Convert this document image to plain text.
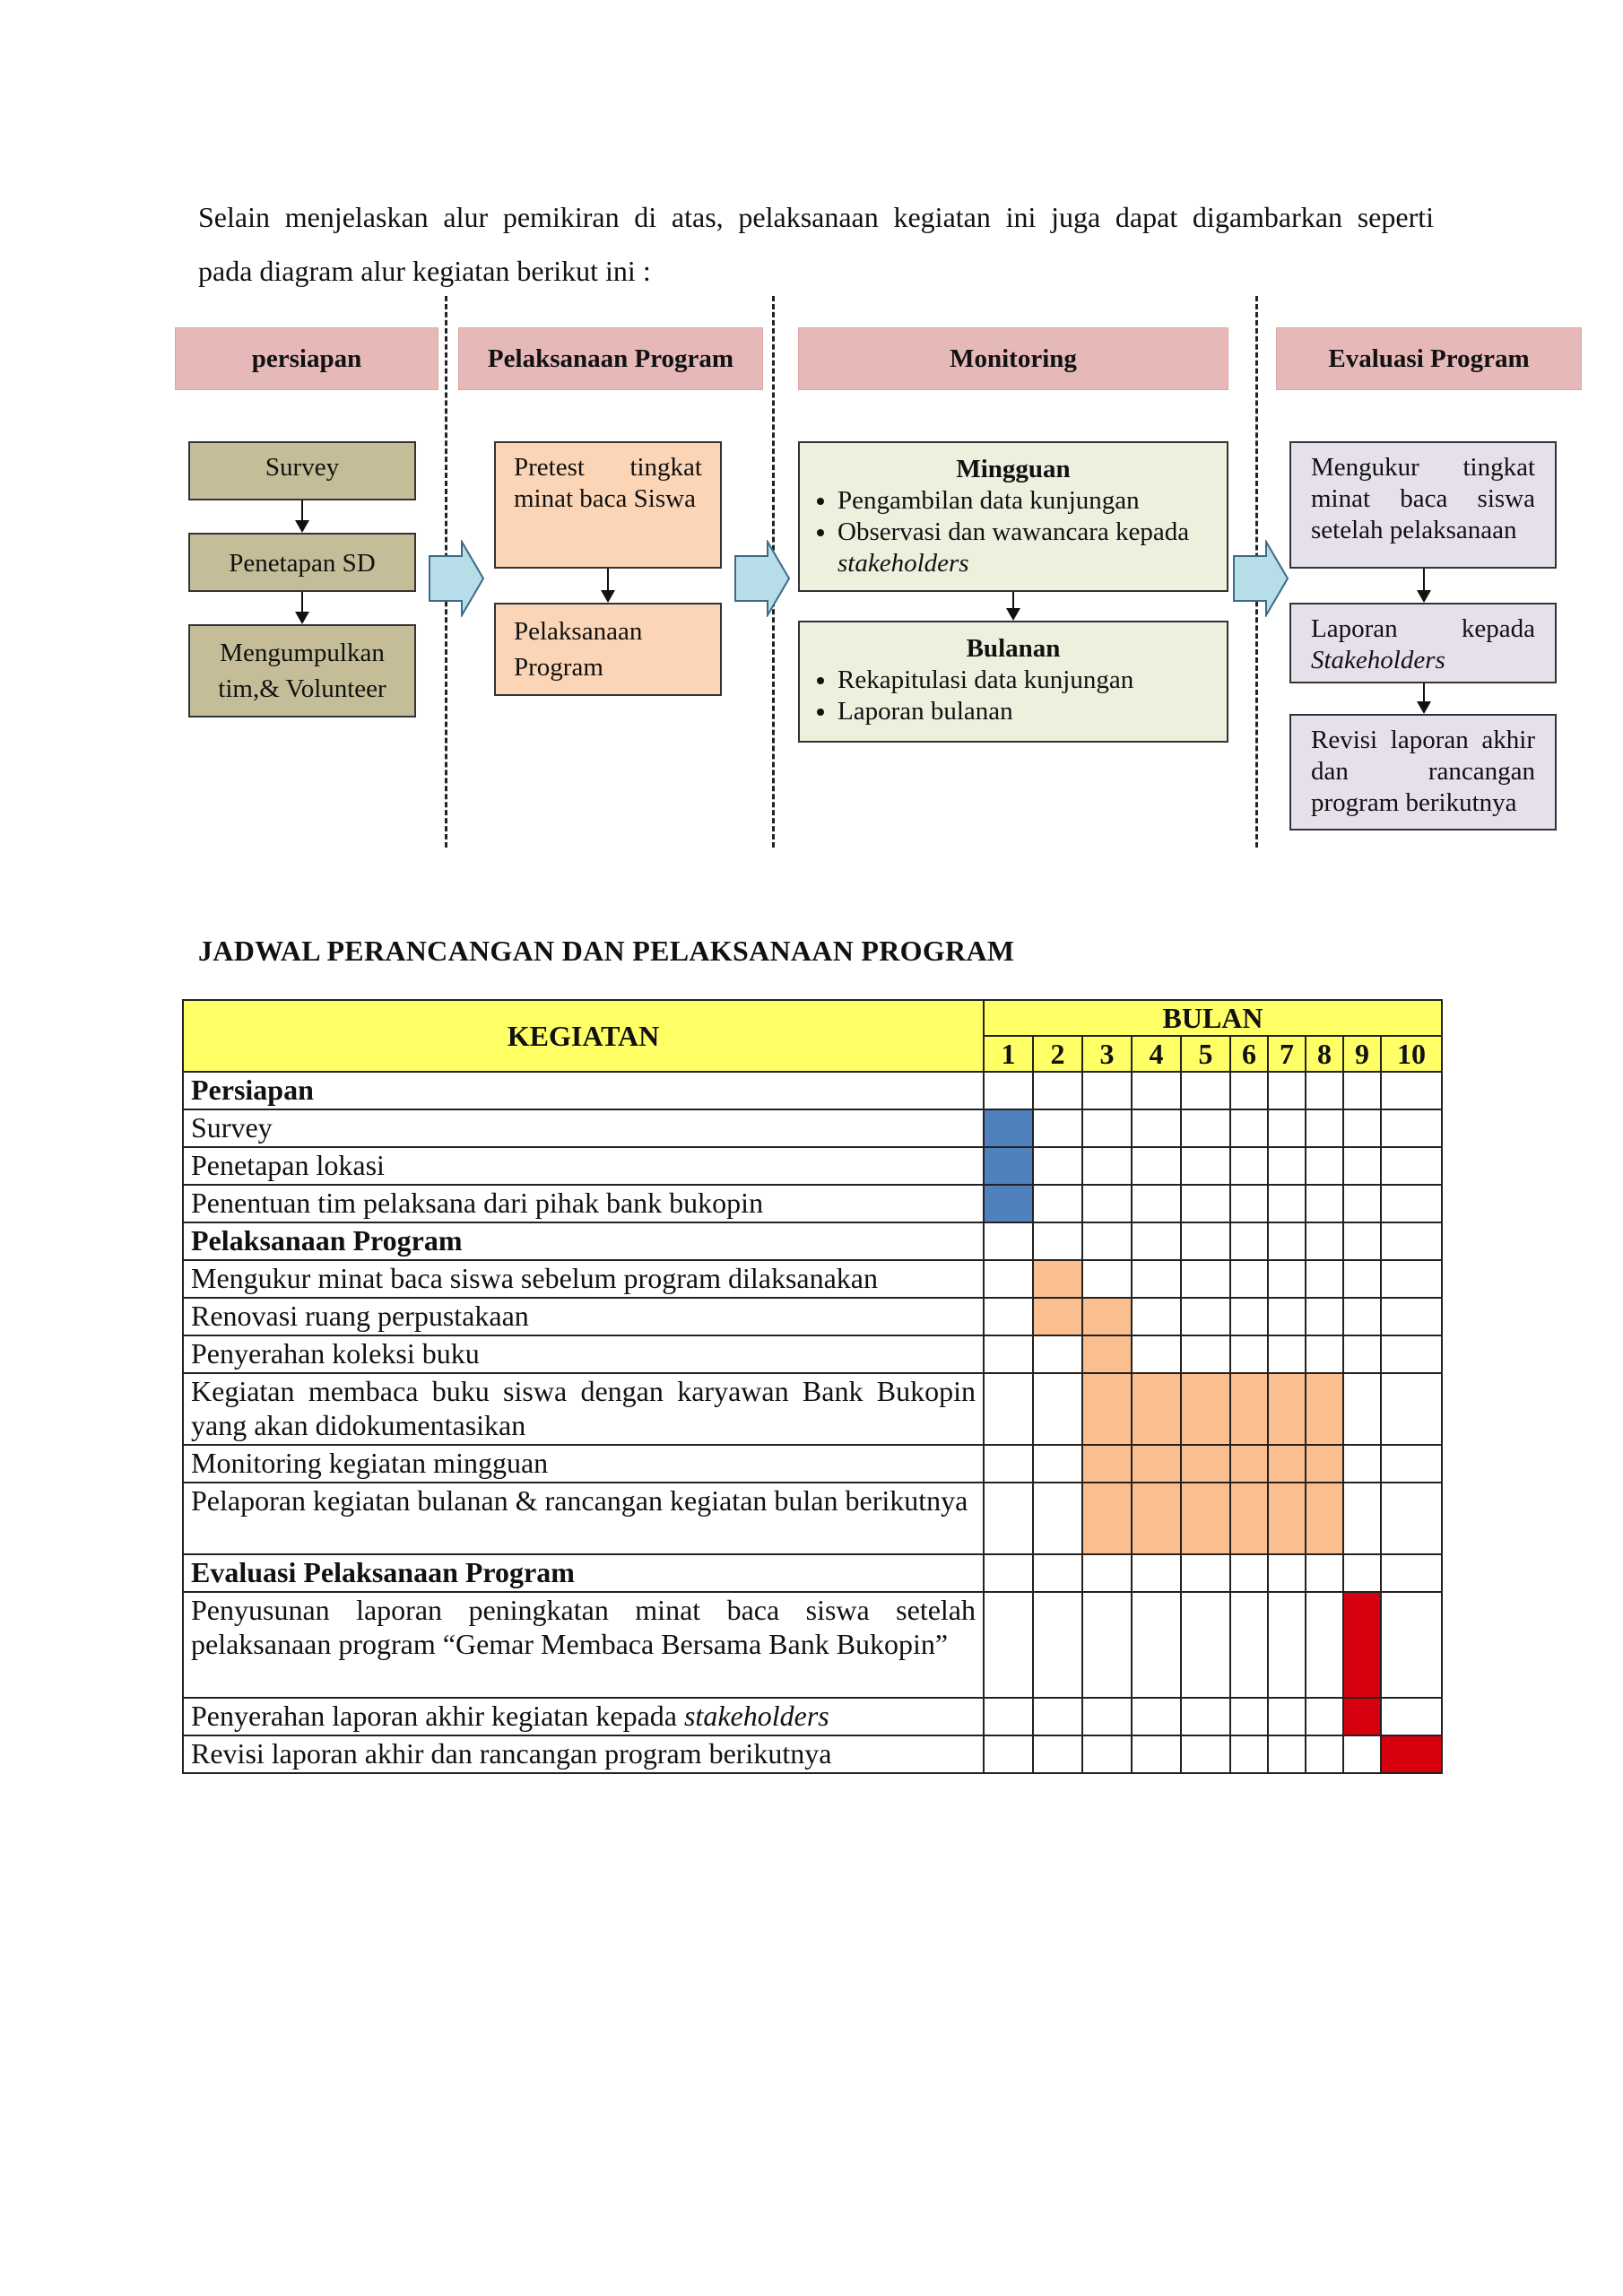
Selain menjelaskan alur pemikiran di atas, pelaksanaan kegiatan ini juga dapat digambarkan seperti
pada diagram alur kegiatan berikut ini :
persiapan	Pelaksanaan Program	Monitoring	Evaluasi Program
Survey
Penetapan SD
Mengumpulkan tim,& Volunteer
Pretest tingkat minat baca Siswa
Pelaksanaan Program
Mingguan
• Pengambilan data kunjungan
• Observasi dan wawancara kepada
stakeholders
Bulanan
• Rekapitulasi data kunjungan
• Laporan bulanan
Mengukur tingkat minat baca siswa setelah pelaksanaan
Laporan kepada
Stakeholders
Revisi laporan akhir dan rancangan program berikutnya
JADWAL PERANCANGAN DAN PELAKSANAAN PROGRAM
KEGIATAN	BULAN									
	1	2	3	4	5	6	7	8	9	10
Persiapan										
Survey										
Penetapan lokasi										
Penentuan tim pelaksana dari pihak bank bukopin										
Pelaksanaan Program										
Mengukur minat baca siswa sebelum program dilaksanakan										
Renovasi ruang perpustakaan										
Penyerahan koleksi buku										
Kegiatan membaca buku siswa dengan karyawan Bank Bukopin yang akan didokumentasikan										
Monitoring kegiatan mingguan										
Pelaporan kegiatan bulanan & rancangan kegiatan bulan berikutnya										
Evaluasi Pelaksanaan Program										
Penyusunan laporan peningkatan minat baca siswa setelah pelaksanaan program “Gemar Membaca Bersama Bank Bukopin”										
Penyerahan laporan akhir kegiatan kepada stakeholders										
Revisi laporan akhir dan rancangan program berikutnya										
